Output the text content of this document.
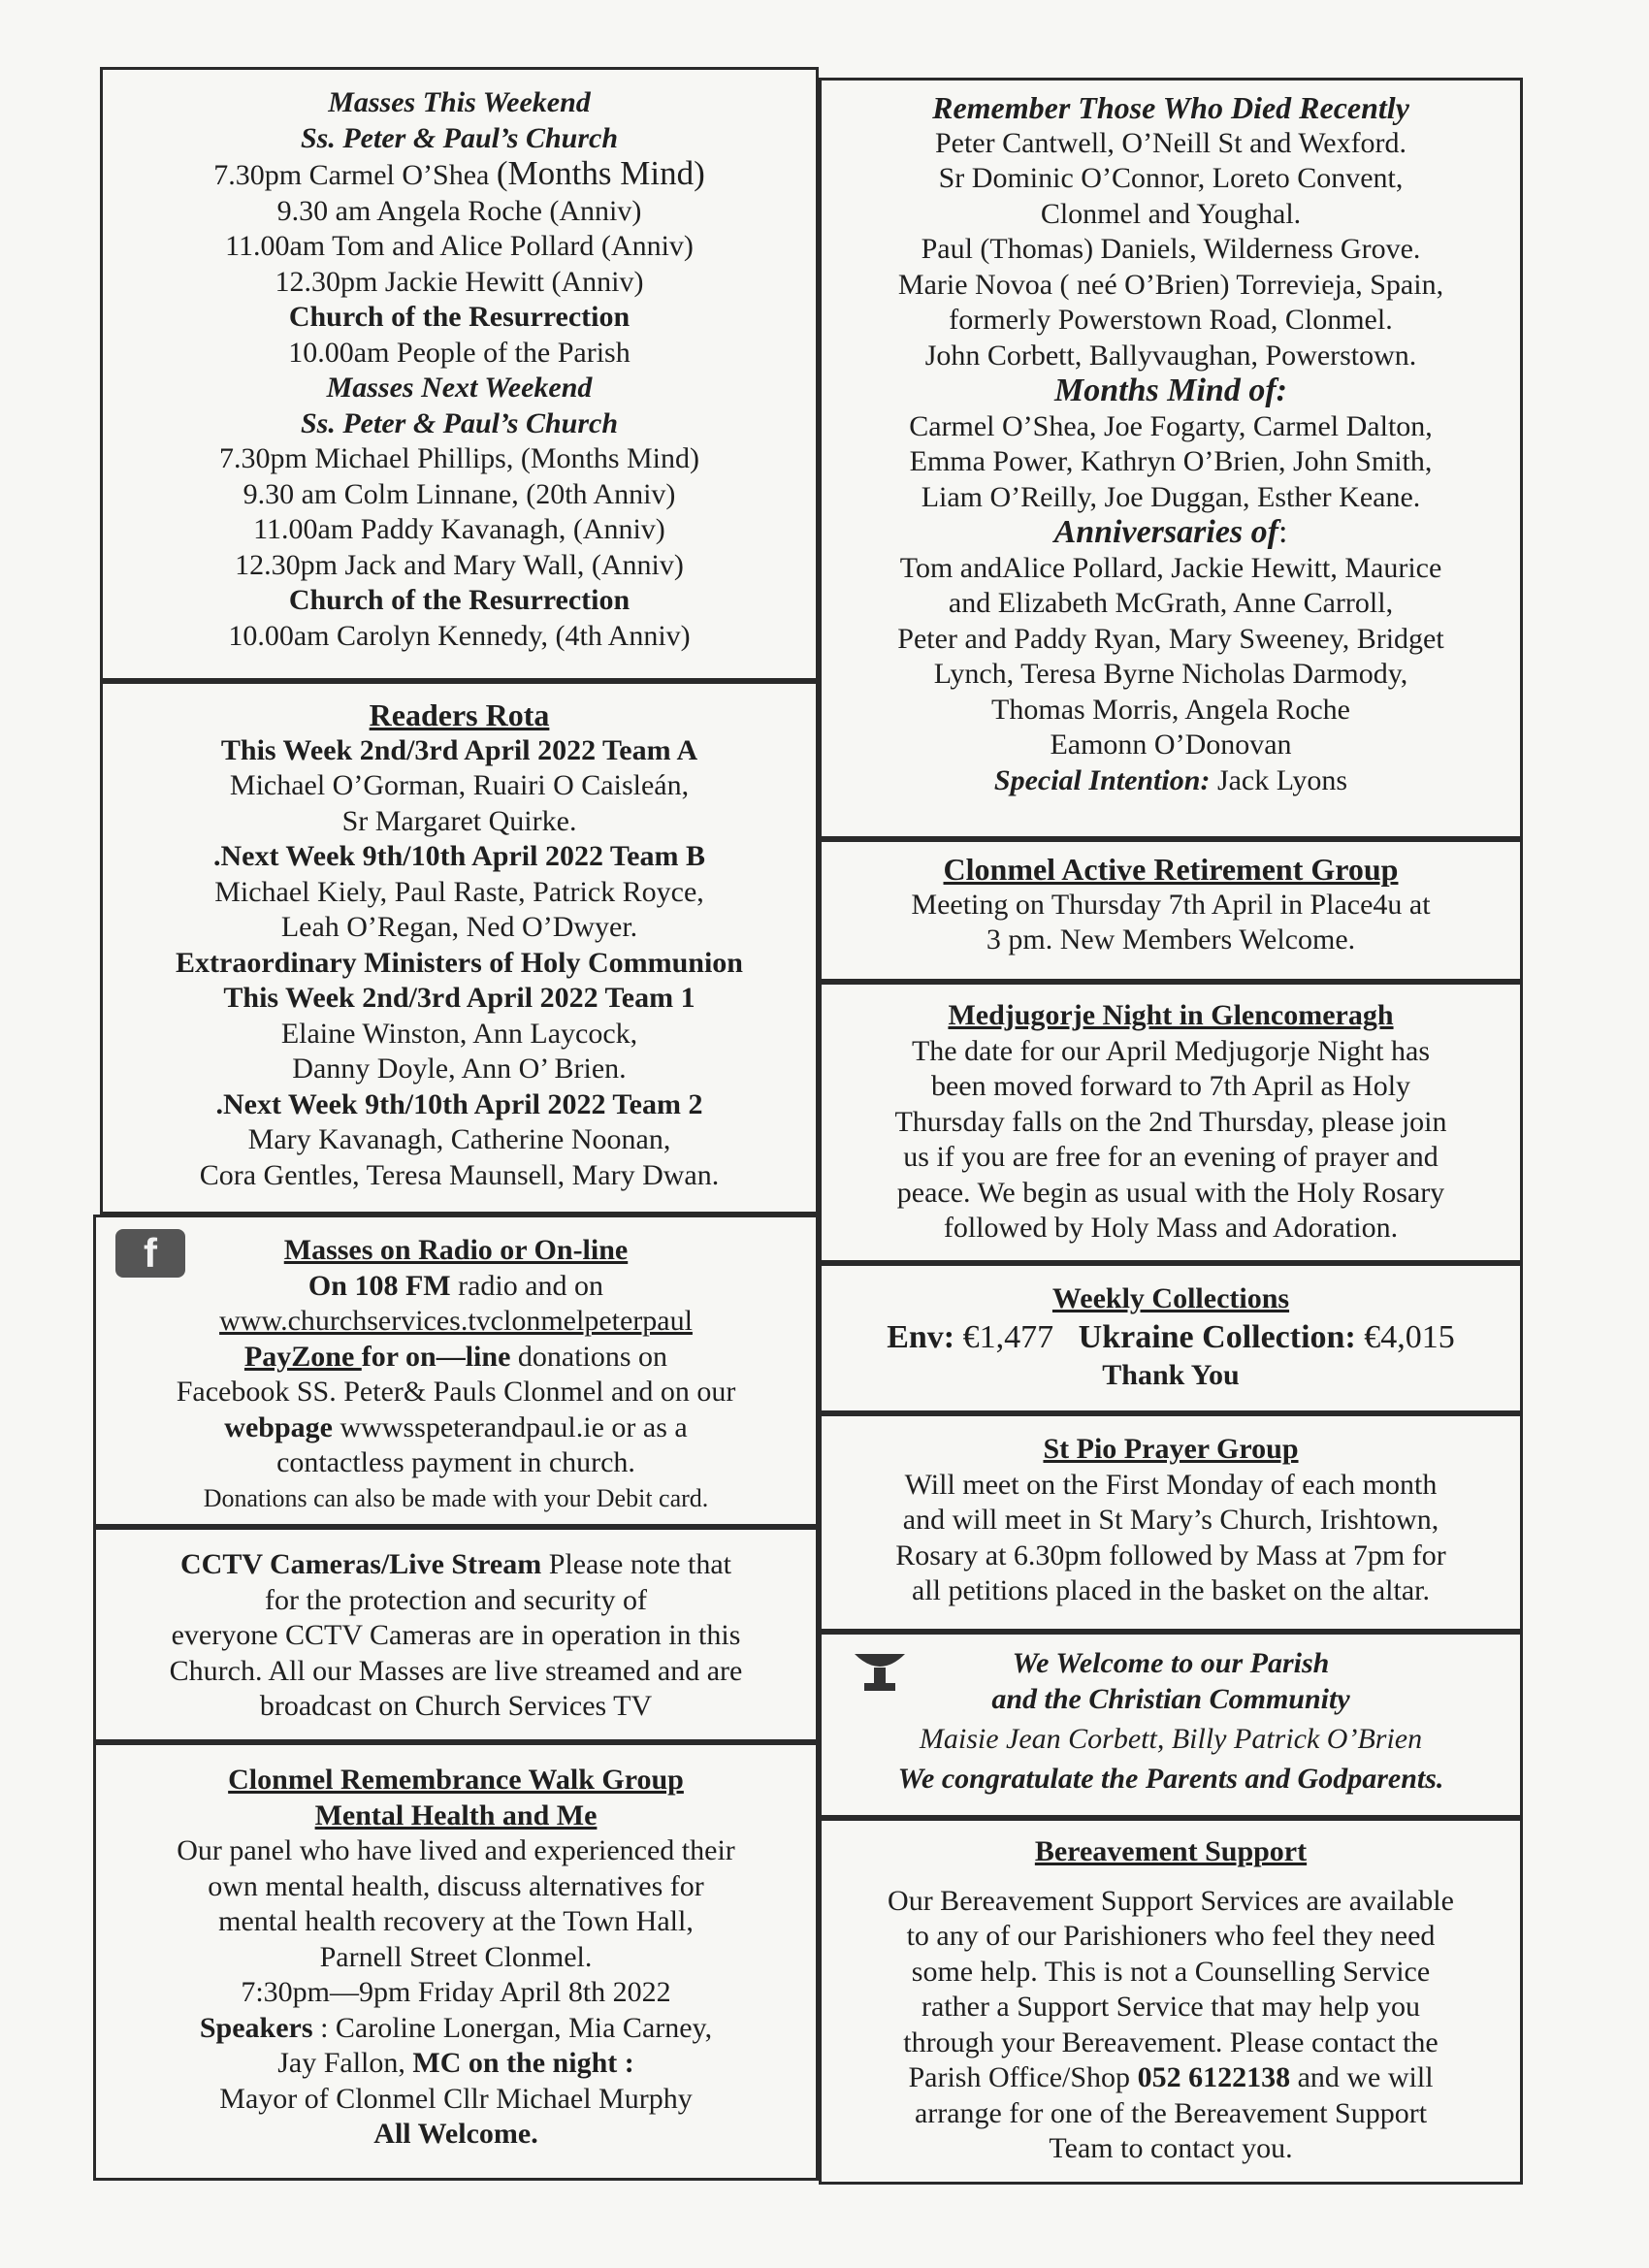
Masses This Weekend
Ss. Peter & Paul’s Church
7.30pm Carmel O’Shea (Months Mind)
9.30 am Angela Roche (Anniv)
11.00am Tom and Alice Pollard (Anniv)
12.30pm Jackie Hewitt (Anniv)
Church of the Resurrection
10.00am People of the Parish
Masses Next Weekend
Ss. Peter & Paul’s Church
7.30pm Michael Phillips, (Months Mind)
9.30 am Colm Linnane, (20th Anniv)
11.00am Paddy Kavanagh, (Anniv)
12.30pm Jack and Mary Wall, (Anniv)
Church of the Resurrection
10.00am Carolyn Kennedy, (4th Anniv)
Readers Rota
This Week 2nd/3rd April 2022 Team A
Michael O’Gorman, Ruairi O Caisleán,
Sr Margaret Quirke.
.Next Week 9th/10th April 2022 Team B
Michael Kiely, Paul Raste, Patrick Royce,
Leah O’Regan, Ned O’Dwyer.
Extraordinary Ministers of Holy Communion
This Week 2nd/3rd April 2022 Team 1
Elaine Winston, Ann Laycock,
Danny Doyle, Ann O’ Brien.
.Next Week 9th/10th April 2022 Team 2
Mary Kavanagh, Catherine Noonan,
Cora Gentles, Teresa Maunsell, Mary Dwan.
f	Masses on Radio or On-line
On 108 FM radio and on
www.churchservices.tvclonmelpeterpaul
PayZone for on—line donations on
Facebook SS. Peter& Pauls Clonmel and on our
webpage wwwsspeterandpaul.ie or as a
contactless payment in church.
Donations can also be made with your Debit card.
CCTV Cameras/Live Stream Please note that
for the protection and security of
everyone CCTV Cameras are in operation in this
Church. All our Masses are live streamed and are
broadcast on Church Services TV
Clonmel Remembrance Walk Group
Mental Health and Me
Our panel who have lived and experienced their
own mental health, discuss alternatives for
mental health recovery at the Town Hall,
Parnell Street Clonmel.
7:30pm—9pm Friday April 8th 2022
Speakers : Caroline Lonergan, Mia Carney,
Jay Fallon, MC on the night :
Mayor of Clonmel Cllr Michael Murphy
All Welcome.
Remember Those Who Died Recently
Peter Cantwell, O’Neill St and Wexford.
Sr Dominic O’Connor, Loreto Convent,
Clonmel and Youghal.
Paul (Thomas) Daniels, Wilderness Grove.
Marie Novoa ( neé O’Brien) Torrevieja, Spain,
formerly Powerstown Road, Clonmel.
John Corbett, Ballyvaughan, Powerstown.
Months Mind of:
Carmel O’Shea, Joe Fogarty, Carmel Dalton,
Emma Power, Kathryn O’Brien, John Smith,
Liam O’Reilly, Joe Duggan, Esther Keane.
Anniversaries of:
Tom andAlice Pollard, Jackie Hewitt, Maurice
and Elizabeth McGrath, Anne Carroll,
Peter and Paddy Ryan, Mary Sweeney, Bridget
Lynch, Teresa Byrne Nicholas Darmody,
Thomas Morris, Angela Roche
Eamonn O’Donovan
Special Intention: Jack Lyons
Clonmel Active Retirement Group
Meeting on Thursday 7th April in Place4u at
3 pm. New Members Welcome.
Medjugorje Night in Glencomeragh
The date for our April Medjugorje Night has
been moved forward to 7th April as Holy
Thursday falls on the 2nd Thursday, please join
us if you are free for an evening of prayer and
peace. We begin as usual with the Holy Rosary
followed by Holy Mass and Adoration.
Weekly Collections
Env: €1,477 Ukraine Collection: €4,015
Thank You
St Pio Prayer Group
Will meet on the First Monday of each month
and will meet in St Mary’s Church, Irishtown,
Rosary at 6.30pm followed by Mass at 7pm for
all petitions placed in the basket on the altar.
We Welcome to our Parish
and the Christian Community
Maisie Jean Corbett, Billy Patrick O’Brien
We congratulate the Parents and Godparents.
Bereavement Support
Our Bereavement Support Services are available
to any of our Parishioners who feel they need
some help. This is not a Counselling Service
rather a Support Service that may help you
through your Bereavement. Please contact the
Parish Office/Shop 052 6122138 and we will
arrange for one of the Bereavement Support
Team to contact you.
